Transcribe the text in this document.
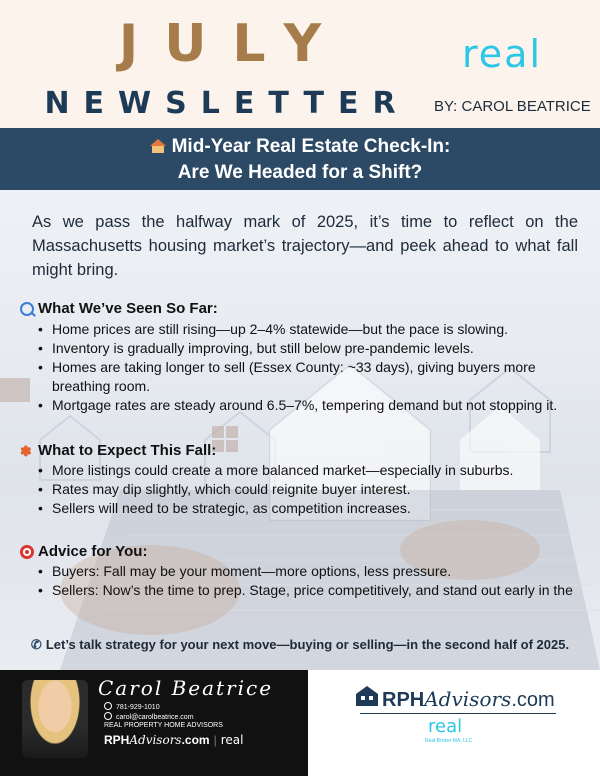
JULY
NEWSLETTER
real
BY: CAROL BEATRICE
Mid-Year Real Estate Check-In:
Are We Headed for a Shift?

As we pass the halfway mark of 2025, it’s time to reflect on the Massachusetts housing market’s trajectory—and peek ahead to what fall might bring.

What We’ve Seen So Far:
• Home prices are still rising—up 2–4% statewide—but the pace is slowing.
• Inventory is gradually improving, but still below pre-pandemic levels.
• Homes are taking longer to sell (Essex County: ~33 days), giving buyers more breathing room.
• Mortgage rates are steady around 6.5–7%, tempering demand but not stopping it.
✽ What to Expect This Fall:
• More listings could create a more balanced market—especially in suburbs.
• Rates may dip slightly, which could reignite buyer interest.
• Sellers will need to be strategic, as competition increases.
Advice for You:
• Buyers: Fall may be your moment—more options, less pressure.
• Sellers: Now’s the time to prep. Stage, price competitively, and stand out early in the
✆ Let’s talk strategy for your next move—buying or selling—in the second half of 2025.
Carol Beatrice
781-929-1010
carol@carolbeatrice.com
REAL PROPERTY HOME ADVISORS
RPHAdvisors.com | real
RPH Advisors .com
real
Real Broker MA, LLC
